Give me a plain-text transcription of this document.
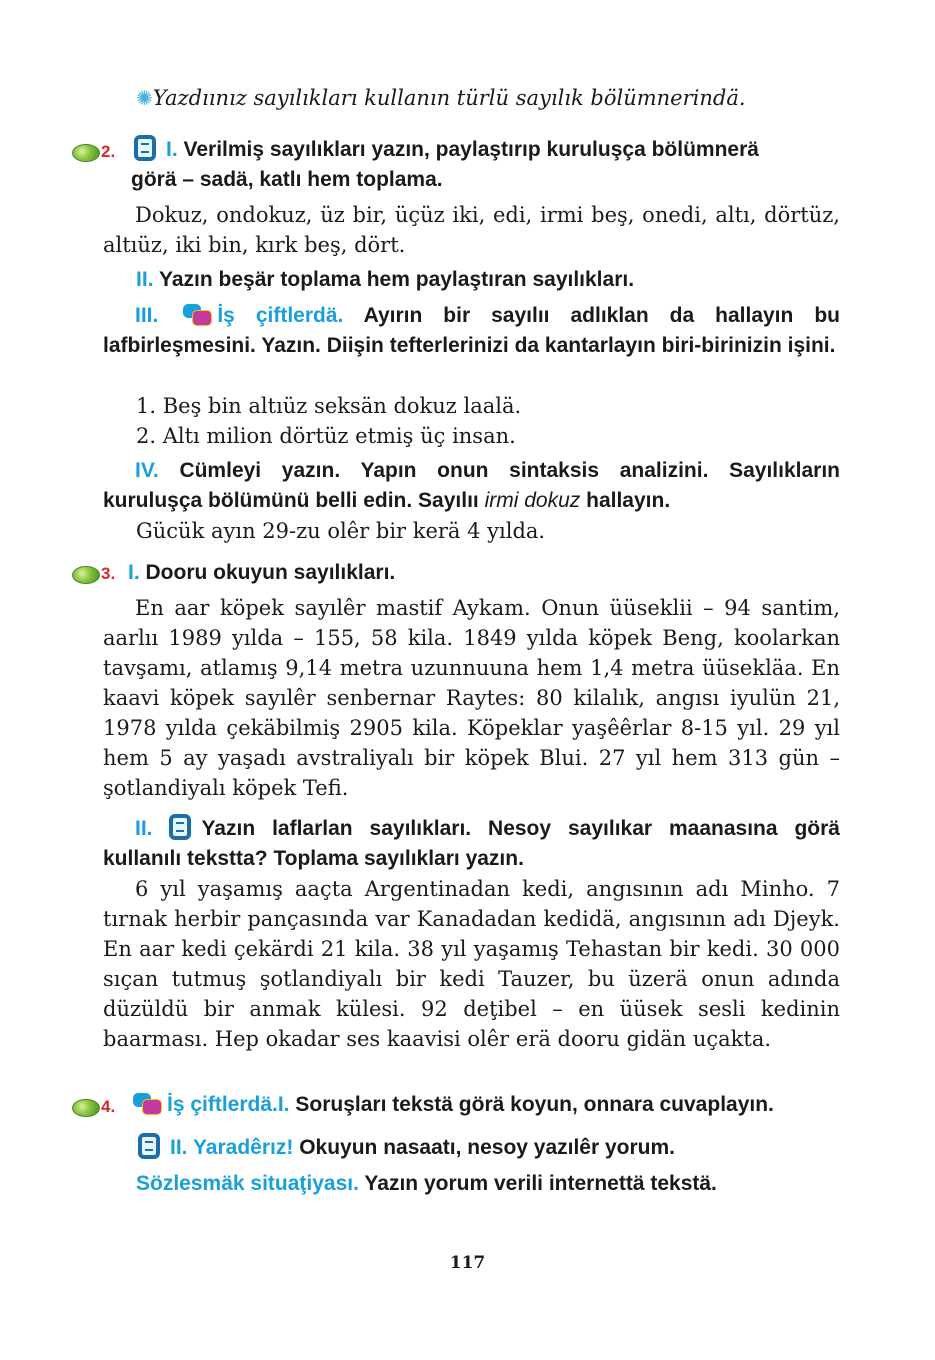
✺Yazdıınız sayılıkları kullanın türlü sayılık bölümnerindä.
2.	I. Verilmiş sayılıkları yazın, paylaştırıp kuruluşça bölümnerä
görä – sadä, katlı hem toplama.
Dokuz, ondokuz, üz bir, üçüz iki, edi, irmi beş, onedi, altı, dörtüz, altıüz, iki bin, kırk beş, dört.
II. Yazın beşär toplama hem paylaştıran sayılıkları.
III.	İş çiftlerdä. Ayırın bir sayılıı adlıklan da hallayın bu lafbirleşmesini. Yazın. Diişin tefterlerinizi da kantarlayın biri-birinizin işini.
1. Beş bin altıüz seksän dokuz laalä.
2. Altı milion dörtüz etmiş üç insan.
IV. Cümleyi yazın. Yapın onun sintaksis analizini. Sayılıkların kuruluşça bölümünü belli edin. Sayılıı irmi dokuz hallayın.
Gücük ayın 29-zu olêr bir kerä 4 yılda.
3. I. Dooru okuyun sayılıkları.
En aar köpek sayılêr mastif Aykam. Onun üüseklii – 94 santim, aarlıı 1989 yılda – 155, 58 kila. 1849 yılda köpek Beng, koolarkan tavşamı, atlamış 9,14 metra uzunnuuna hem 1,4 metra üüsekläa. En kaavi köpek sayılêr senbernar Raytes: 80 kilalık, angısı iyulün 21, 1978 yılda çekäbilmiş 2905 kila. Köpeklar yaşêêrlar 8-15 yıl. 29 yıl hem 5 ay yaşadı avstraliyalı bir köpek Blui. 27 yıl hem 313 gün – şotlandiyalı köpek Tefi.
II. Yazın laflarlan sayılıkları. Nesoy sayılıkar maanasına görä kullanılı tekstta? Toplama sayılıkları yazın.
6 yıl yaşamış aaçta Argentinadan kedi, angısının adı Minho. 7 tırnak herbir pançasında var Kanadadan kedidä, angısının adı Djeyk. En aar kedi çekärdi 21 kila. 38 yıl yaşamış Tehastan bir kedi. 30 000 sıçan tutmuş şotlandiyalı bir kedi Tauzer, bu üzerä onun adında düzüldü bir anmak külesi. 92 deţibel – en üüsek sesli kedinin baarması. Hep okadar ses kaavisi olêr erä dooru gidän uçakta.
4.	İş çiftlerdä.I. Soruşları tekstä görä koyun, onnara cuvaplayın.
II. Yaradêrız! Okuyun nasaatı, nesoy yazılêr yorum.
Sözlesmäk situaţiyası. Yazın yorum verili internettä tekstä.
117
